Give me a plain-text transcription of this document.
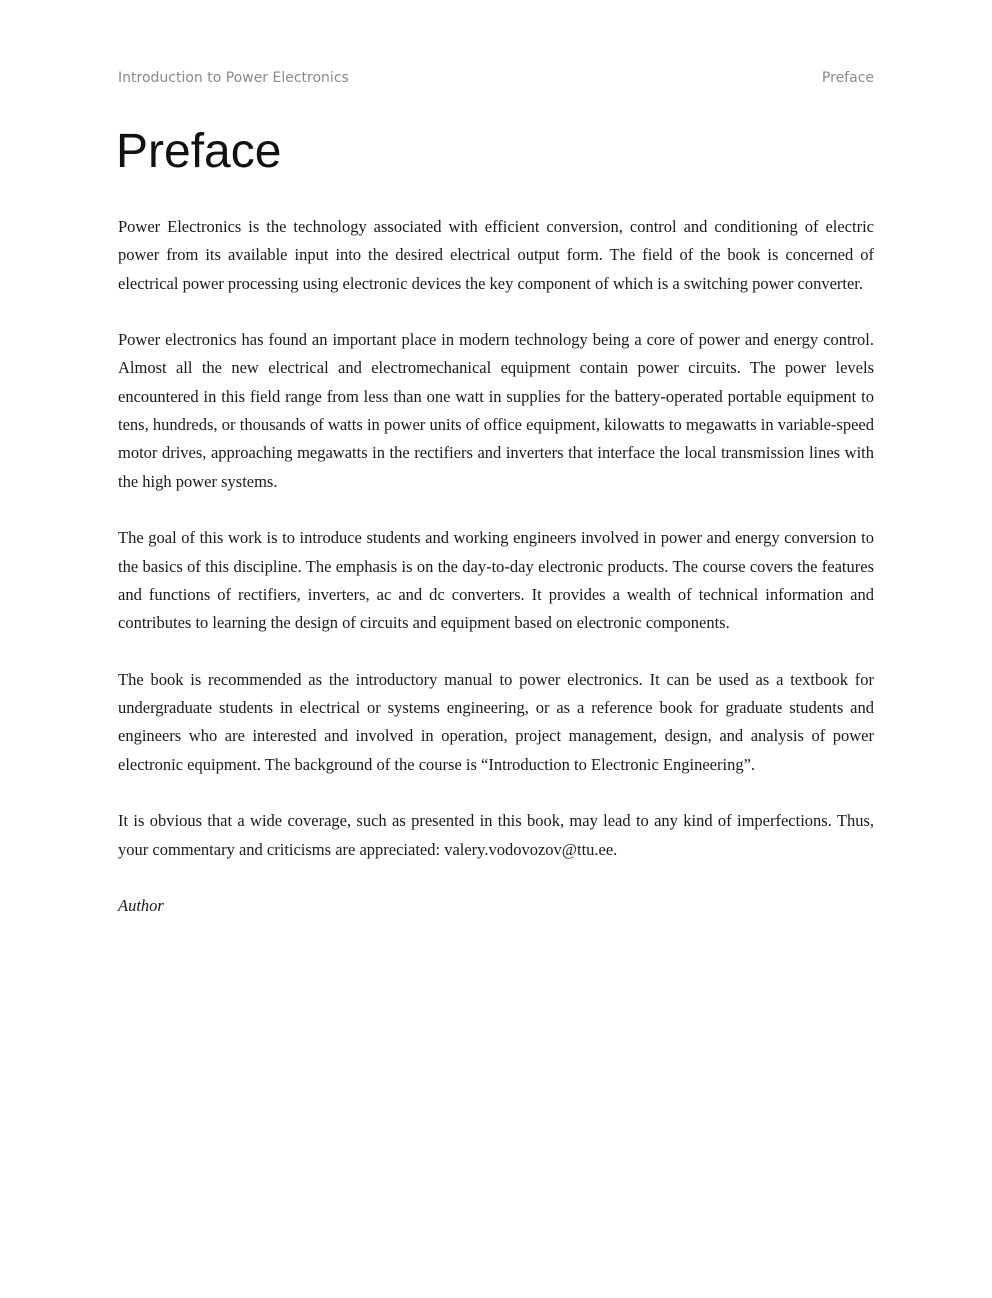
Introduction to Power Electronics	Preface
Preface

Power Electronics is the technology associated with efficient conversion, control and conditioning of electric power from its available input into the desired electrical output form. The field of the book is concerned of electrical power processing using electronic devices the key component of which is a switching power converter.

Power electronics has found an important place in modern technology being a core of power and energy control. Almost all the new electrical and electromechanical equipment contain power circuits. The power levels encountered in this field range from less than one watt in supplies for the battery-operated portable equipment to tens, hundreds, or thousands of watts in power units of office equipment, kilowatts to megawatts in variable-speed motor drives, approaching megawatts in the rectifiers and inverters that interface the local transmission lines with the high power systems.

The goal of this work is to introduce students and working engineers involved in power and energy conversion to the basics of this discipline. The emphasis is on the day-to-day electronic products. The course covers the features and functions of rectifiers, inverters, ac and dc converters. It provides a wealth of technical information and contributes to learning the design of circuits and equipment based on electronic components.

The book is recommended as the introductory manual to power electronics. It can be used as a textbook for undergraduate students in electrical or systems engineering, or as a reference book for graduate students and engineers who are interested and involved in operation, project management, design, and analysis of power electronic equipment. The background of the course is “Introduction to Electronic Engineering”.

It is obvious that a wide coverage, such as presented in this book, may lead to any kind of imperfections. Thus, your commentary and criticisms are appreciated: valery.vodovozov@ttu.ee.

Author
